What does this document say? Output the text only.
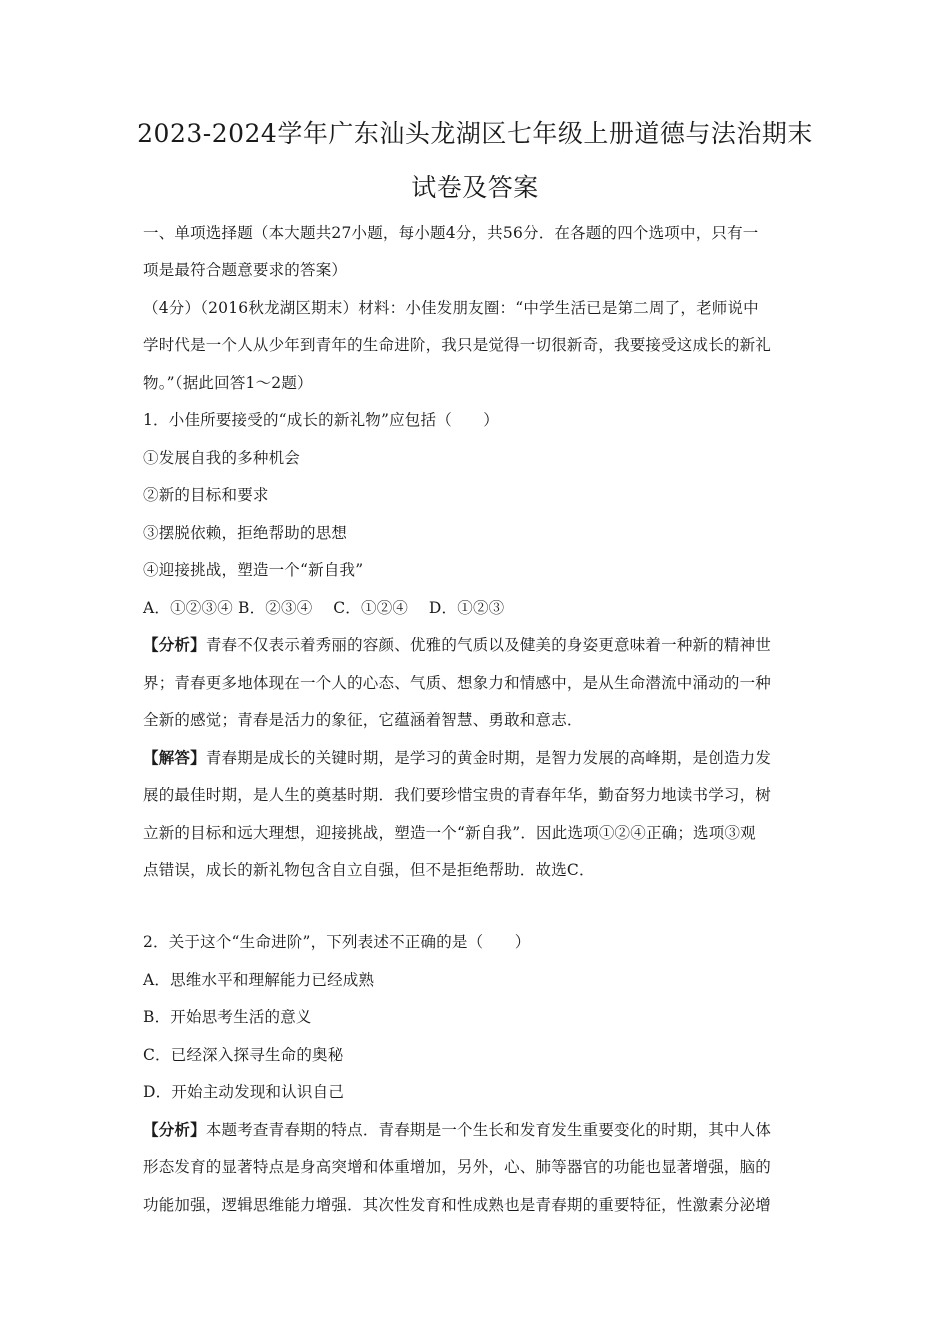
2023-2024学年广东汕头龙湖区七年级上册道德与法治期末
试卷及答案
一、单项选择题（本大题共27小题，每小题4分，共56分．在各题的四个选项中，只有一
项是最符合题意要求的答案）
（4分）（2016秋龙湖区期末）材料：小佳发朋友圈：“中学生活已是第二周了，老师说中
学时代是一个人从少年到青年的生命进阶，我只是觉得一切很新奇，我要接受这成长的新礼
物。”（据此回答1～2题）
1．小佳所要接受的“成长的新礼物”应包括（　　）
①发展自我的多种机会
②新的目标和要求
③摆脱依赖，拒绝帮助的思想
④迎接挑战，塑造一个“新自我”
A．①②③④ B．②③④　 C．①②④　 D．①②③
【分析】青春不仅表示着秀丽的容颜、优雅的气质以及健美的身姿更意味着一种新的精神世
界；青春更多地体现在一个人的心态、气质、想象力和情感中，是从生命潜流中涌动的一种
全新的感觉；青春是活力的象征，它蕴涵着智慧、勇敢和意志．
【解答】青春期是成长的关键时期，是学习的黄金时期，是智力发展的高峰期，是创造力发
展的最佳时期，是人生的奠基时期．我们要珍惜宝贵的青春年华，勤奋努力地读书学习，树
立新的目标和远大理想，迎接挑战，塑造一个“新自我”．因此选项①②④正确；选项③观
点错误，成长的新礼物包含自立自强，但不是拒绝帮助．故选C．
2．关于这个“生命进阶”，下列表述不正确的是（　　）
A．思维水平和理解能力已经成熟
B．开始思考生活的意义
C．已经深入探寻生命的奥秘
D．开始主动发现和认识自己
【分析】本题考查青春期的特点．青春期是一个生长和发育发生重要变化的时期，其中人体
形态发育的显著特点是身高突增和体重增加，另外，心、肺等器官的功能也显著增强，脑的
功能加强，逻辑思维能力增强．其次性发育和性成熟也是青春期的重要特征，性激素分泌增
